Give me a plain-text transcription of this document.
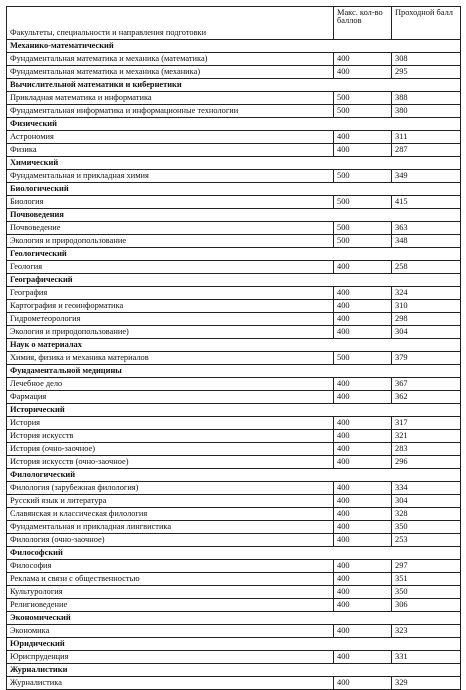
Факультеты, специальности и направления подготовки	Макс. кол-во баллов	Проходной балл
Механико-математический		
Фундаментальная математика и механика (математика)	400	308
Фундаментальная математика и механика (механика)	400	295
Вычислительной математики и кибернетики		
Прикладная математика и информатика	500	388
Фундаментальная информатика и информационные технологии	500	380
Физический		
Астрономия	400	311
Физика	400	287
Химический		
Фундаментальная и прикладная химия	500	349
Биологический		
Биология	500	415
Почвоведения		
Почвоведение	500	363
Экология и природопользование	500	348
Геологический		
Геология	400	258
Географический		
География	400	324
Картография и геоинформатика	400	310
Гидрометеорология	400	298
Экология и природопользование)	400	304
Наук о материалах		
Химия, физика и механика материалов	500	379
Фундаментальной медицины		
Лечебное дело	400	367
Фармация	400	362
Исторический		
История	400	317
История искусств	400	321
История (очно-заочное)	400	283
История искусств (очно-заочное)	400	296
Филологический		
Филология (зарубежная филология)	400	334
Русский язык и литература	400	304
Славянская и классическая филология	400	328
Фундаментальная и прикладная лингвистика	400	350
Филология (очно-заочное)	400	253
Философский		
Философия	400	297
Реклама и связи с общественностью	400	351
Культурология	400	350
Религиоведение	400	306
Экономический		
Экономика	400	323
Юридический		
Юриспруденция	400	331
Журналистики		
Журналистика	400	329
